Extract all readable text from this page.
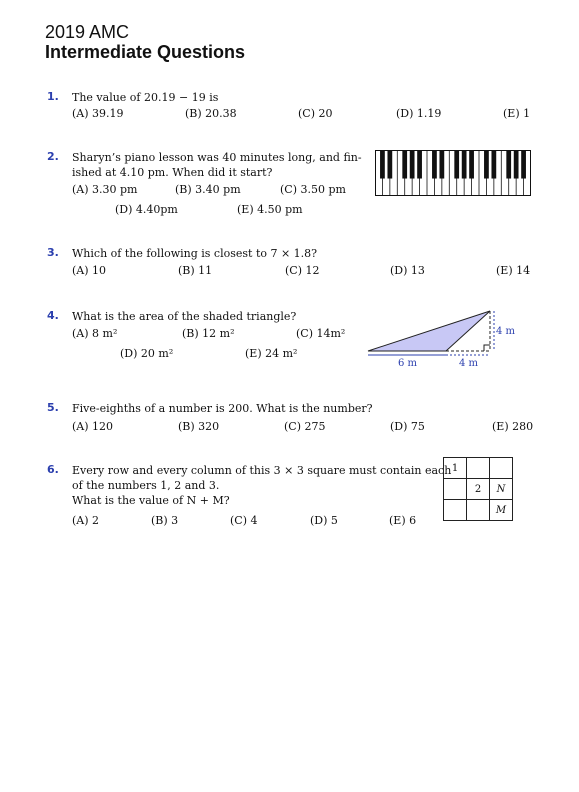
2019 AMC
Intermediate Questions
1. The value of 20.19 − 19 is
(A) 39.19	(B) 20.38	(C) 20	(D) 1.19	(E) 1
2. Sharyn’s piano lesson was 40 minutes long, and fin-
ished at 4.10 pm. When did it start?
(A) 3.30 pm	(B) 3.40 pm	(C) 3.50 pm
(D) 4.40pm	(E) 4.50 pm
3. Which of the following is closest to 7 × 1.8?
(A) 10	(B) 11	(C) 12	(D) 13	(E) 14
4. What is the area of the shaded triangle?
(A) 8 m²	(B) 12 m²	(C) 14m²
(D) 20 m²	(E) 24 m²
6 m	4 m
4 m
5. Five-eighths of a number is 200. What is the number?
(A) 120	(B) 320	(C) 275	(D) 75	(E) 280
6. Every row and every column of this 3 × 3 square must contain each
of the numbers 1, 2 and 3.
What is the value of N + M?
(A) 2	(B) 3	(C) 4	(D) 5	(E) 6
1		
	2	N
		M
